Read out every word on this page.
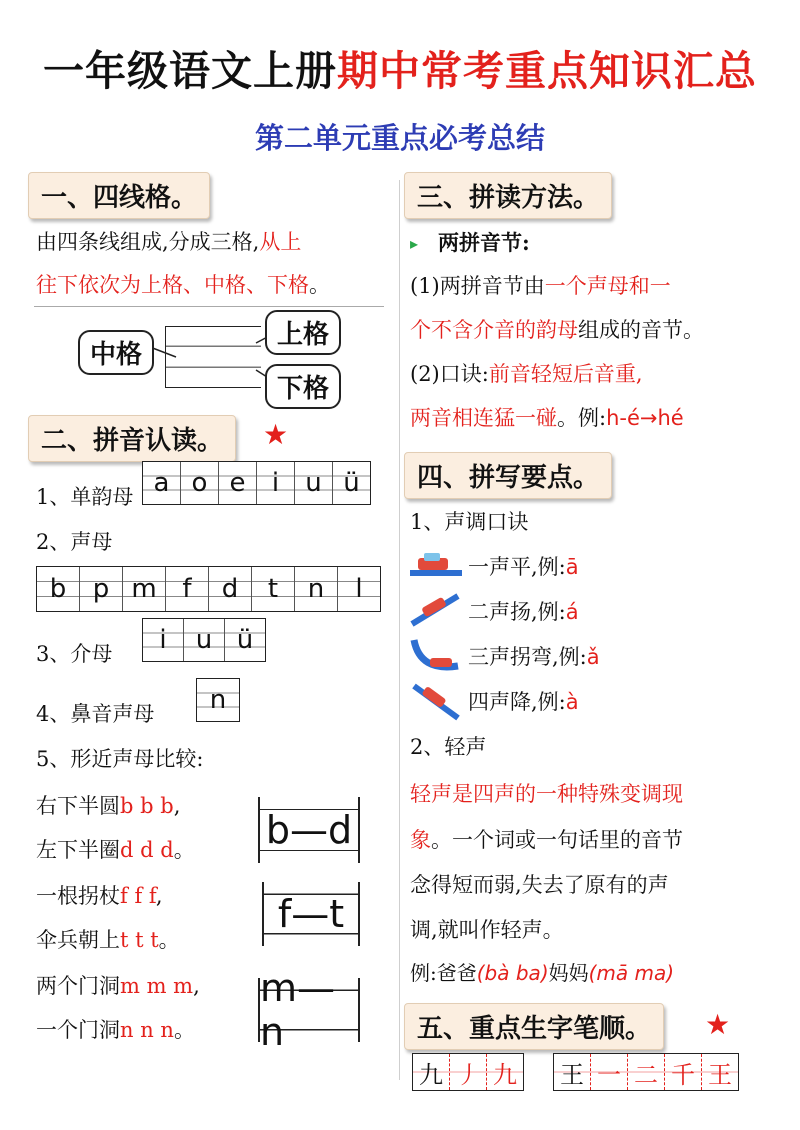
一年级语文上册期中常考重点知识汇总
第二单元重点必考总结
一、四线格。
由四条线组成,分成三格,从上
往下依次为上格、中格、下格。
中格
上格
下格
二、拼音认读。	★
1、单韵母 a o e	i	u ü
2、声母
b	p m f	d	t	n	l
3、介母	i	u ü
4、鼻音声母	n
5、形近声母比较:
右下半圆b b b,
左下半圈d d d。 b—d
一根拐杖f f f,
伞兵朝上t t t。
f—t
两个门洞m m m,
一个门洞n n n。
m—n
三、拼读方法。
▸ 两拼音节:
(1)两拼音节由一个声母和一
个不含介音的韵母组成的音节。
(2)口诀:前音轻短后音重,
两音相连猛一碰。例:h-é→hé
四、拼写要点。
1、声调口诀
一声平,例:ā
二声扬,例:á
三声拐弯,例:ǎ
四声降,例:à
2、轻声
轻声是四声的一种特殊变调现
象。一个词或一句话里的音节
念得短而弱,失去了原有的声
调,就叫作轻声。
例:爸爸(bà ba)妈妈(mā ma)
五、重点生字笔顺。	★
九 丿 九 王 一 二 千 王
